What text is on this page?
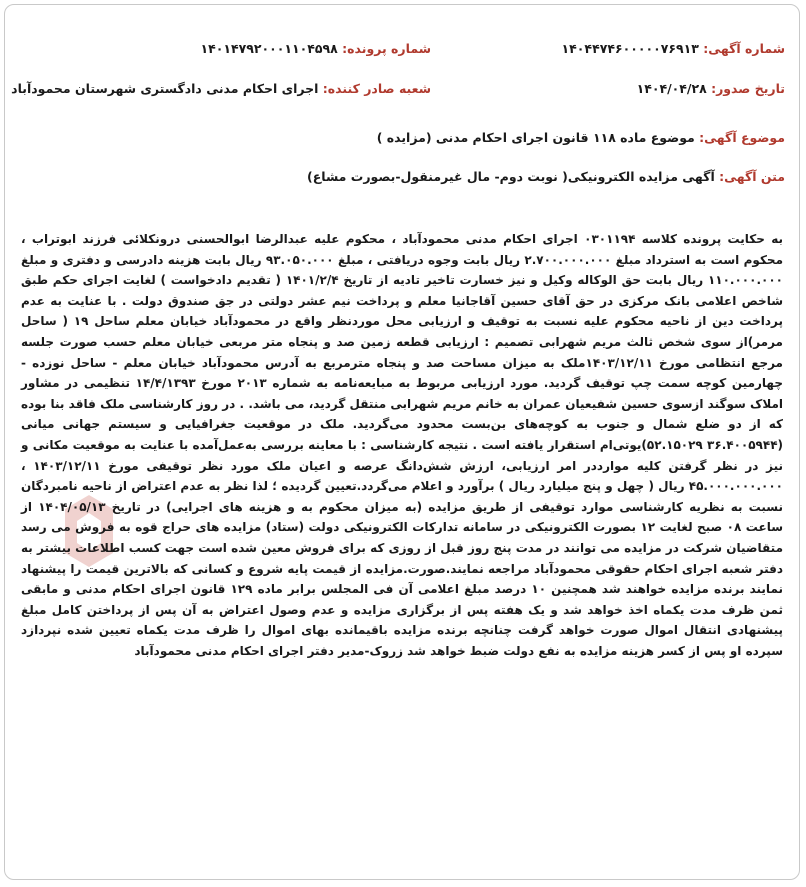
شماره آگهی: ۱۴۰۴۴۷۴۶۰۰۰۰۰۷۶۹۱۳
شماره پرونده: ۱۴۰۱۴۷۹۲۰۰۰۱۱۰۴۵۹۸
تاریخ صدور: ۱۴۰۴/۰۴/۲۸
شعبه صادر کننده: اجرای احکام مدنی دادگستری شهرستان محمودآباد
موضوع آگهی: موضوع ماده ۱۱۸ قانون اجرای احکام مدنی (مزایده )
متن آگهی: آگهی مزایده الکترونیکی( نوبت دوم- مال غیرمنقول-بصورت مشاع)
به حکایت پرونده کلاسه ۰۳۰۱۱۹۴ اجرای احکام مدنی محمودآباد ، محکوم علیه عبدالرضا ابوالحسنی درونکلائی فرزند ابوتراب ، محکوم است به استرداد مبلغ ۲.۷۰۰.۰۰۰.۰۰۰ ریال بابت وجوه دریافتی ، مبلغ ۹۳.۰۵۰.۰۰۰ ریال بابت هزینه دادرسی و دفتری و مبلغ ۱۱۰.۰۰۰.۰۰۰ ریال بابت حق الوکاله وکیل و نیز خسارت تاخیر تادیه از تاریخ ۱۴۰۱/۲/۴ ( تقدیم دادخواست ) لغایت اجرای حکم طبق شاخص اعلامی بانک مرکزی در حق آقای حسین آقاجانیا معلم و پرداخت نیم عشر دولتی در جق صندوق دولت . با عنایت به عدم پرداخت دین از ناحیه محکوم علیه نسبت به توقیف و ارزیابی محل موردنظر واقع در محمودآباد خیابان معلم ساحل ۱۹ ( ساحل مرمر)از سوی شخص ثالث مریم شهرابی تصمیم : ارزیابی قطعه زمین صد و پنجاه متر مربعی خیابان معلم حسب صورت جلسه مرجع انتظامی مورخ ۱۴۰۳/۱۲/۱۱ملک به میزان مساحت صد و پنجاه مترمربع به آدرس محمودآباد خیابان معلم - ساحل نوزده - چهارمین کوچه سمت چپ توقیف گردید. مورد ارزیابی مربوط به مبایعه‌نامه به شماره ۲۰۱۳ مورخ ۱۴/۴/۱۳۹۳ تنظیمی در مشاور املاک سوگند ازسوی حسین شفیعیان عمران به خانم مریم شهرابی منتقل گردید، می باشد. . در روز کارشناسی ملک فاقد بنا بوده که از دو ضلع شمال و جنوب به کوچه‌های بن‌بست محدود می‌گردید. ملک در موقعیت جغرافیایی و سیستم جهانی میانی (۳۶.۴۰۰۵۹۴۴ ۵۲.۱۵۰۲۹)یوتی‌ام استقرار یافته است . نتیجه کارشناسی : با معاینه بررسی به‌عمل‌آمده با عنایت به موقعیت مکانی و نیز در نظر گرفتن کلیه موارددر امر ارزیابی، ارزش شش‌دانگ عرصه و اعیان ملک مورد نظر توقیفی مورخ ۱۴۰۳/۱۲/۱۱ ، ۴۵.۰۰۰.۰۰۰.۰۰۰ ریال ( چهل و پنج میلیارد ریال ) برآورد و اعلام می‌گردد.تعیین گردیده ؛ لذا نظر به عدم اعتراض از ناحیه نامبردگان نسبت به نظریه کارشناسی موارد توقیفی از طریق مزایده (به میزان محکوم به و هزینه های اجرایی) در تاریخ ۱۴۰۴/۰۵/۱۳ از ساعت ۰۸ صبح لغایت ۱۲ بصورت الکترونیکی در سامانه تدارکات الکترونیکی دولت (ستاد) مزایده های حراج قوه به فروش می رسد متقاضیان شرکت در مزایده می توانند در مدت پنج روز قبل از روزی که برای فروش معین شده است جهت کسب اطلاعات بیشتر به دفتر شعبه اجرای احکام حقوقی محمودآباد مراجعه نمایند.صورت.مزایده از قیمت پایه شروع و کسانی که بالاترین قیمت را پیشنهاد نمایند برنده مزایده خواهند شد همچنین ۱۰ درصد مبلغ اعلامی آن فی المجلس برابر ماده ۱۲۹ قانون اجرای احکام مدنی و مابقی ثمن ظرف مدت یکماه اخذ خواهد شد و یک هفته پس از برگزاری مزایده و عدم وصول اعتراض به آن پس از پرداختن کامل مبلغ پیشنهادی انتقال اموال صورت خواهد گرفت چنانچه برنده مزایده باقیمانده بهای اموال را ظرف مدت یکماه تعیین شده نپردازد سپرده او پس از کسر هزینه مزایده به نفع دولت ضبط خواهد شد زروک-مدیر دفتر اجرای احکام مدنی محمودآباد
